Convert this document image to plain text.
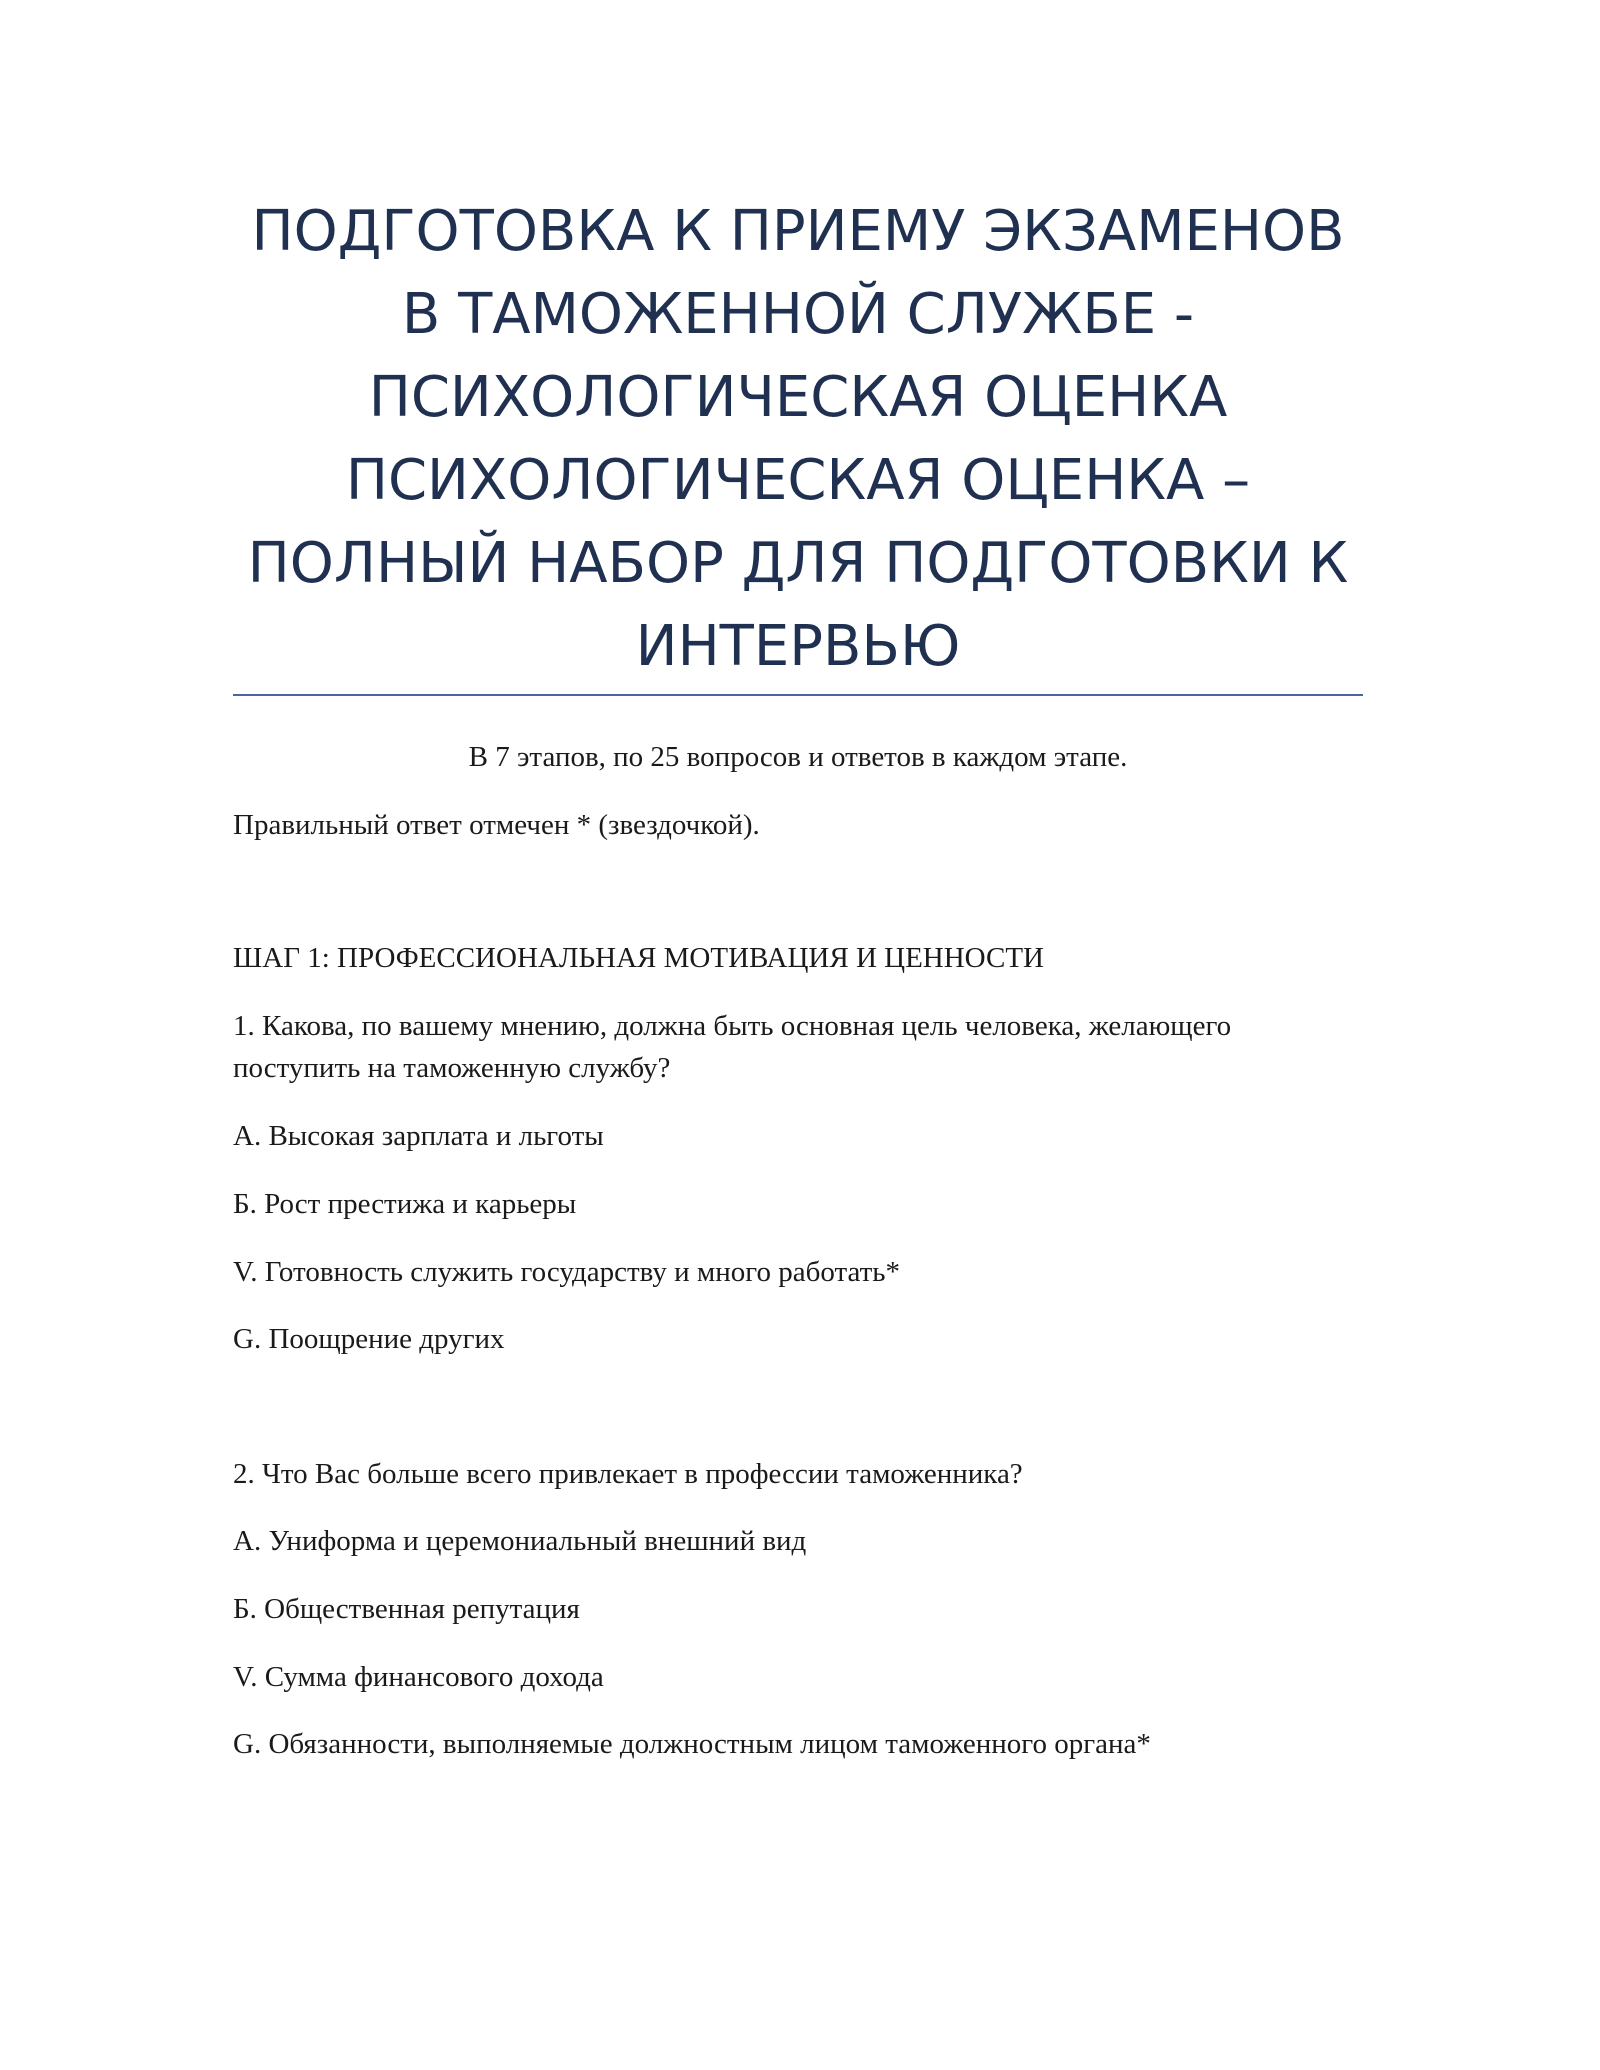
ПОДГОТОВКА К ПРИЕМУ ЭКЗАМЕНОВ
В ТАМОЖЕННОЙ СЛУЖБЕ -
ПСИХОЛОГИЧЕСКАЯ ОЦЕНКА
ПСИХОЛОГИЧЕСКАЯ ОЦЕНКА –
ПОЛНЫЙ НАБОР ДЛЯ ПОДГОТОВКИ К
ИНТЕРВЬЮ
В 7 этапов, по 25 вопросов и ответов в каждом этапе.
Правильный ответ отмечен * (звездочкой).
ШАГ 1: ПРОФЕССИОНАЛЬНАЯ МОТИВАЦИЯ И ЦЕННОСТИ
1. Какова, по вашему мнению, должна быть основная цель человека, желающего
поступить на таможенную службу?
A. Высокая зарплата и льготы
Б. Рост престижа и карьеры
V. Готовность служить государству и много работать*
G. Поощрение других
2. Что Вас больше всего привлекает в профессии таможенника?
A. Униформа и церемониальный внешний вид
Б. Общественная репутация
V. Сумма финансового дохода
G. Обязанности, выполняемые должностным лицом таможенного органа*
